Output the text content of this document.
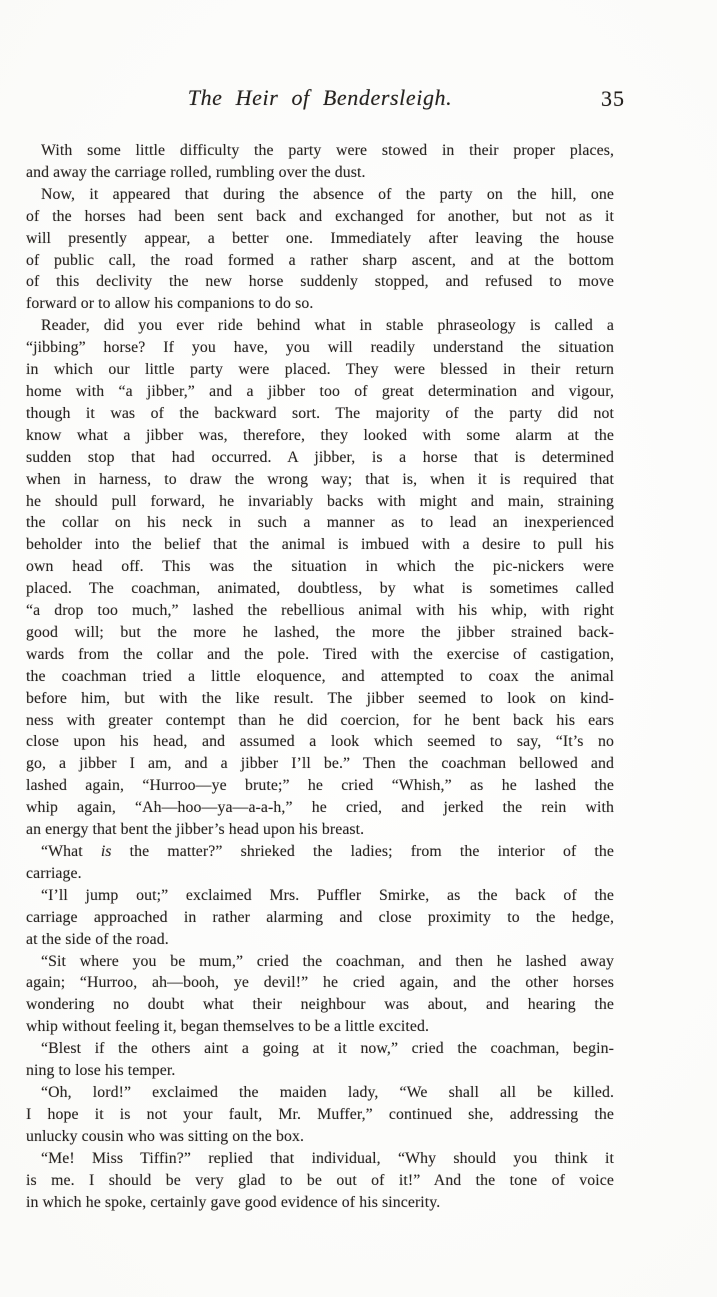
The Heir of Bendersleigh.	35
With some little difficulty the party were stowed in their proper places,
and away the carriage rolled, rumbling over the dust.
Now, it appeared that during the absence of the party on the hill, one
of the horses had been sent back and exchanged for another, but not as it
will presently appear, a better one. Immediately after leaving the house
of public call, the road formed a rather sharp ascent, and at the bottom
of this declivity the new horse suddenly stopped, and refused to move
forward or to allow his companions to do so.
Reader, did you ever ride behind what in stable phraseology is called a
“jibbing” horse? If you have, you will readily understand the situation
in which our little party were placed. They were blessed in their return
home with “a jibber,” and a jibber too of great determination and vigour,
though it was of the backward sort. The majority of the party did not
know what a jibber was, therefore, they looked with some alarm at the
sudden stop that had occurred. A jibber, is a horse that is determined
when in harness, to draw the wrong way; that is, when it is required that
he should pull forward, he invariably backs with might and main, straining
the collar on his neck in such a manner as to lead an inexperienced
beholder into the belief that the animal is imbued with a desire to pull his
own head off. This was the situation in which the pic-nickers were
placed. The coachman, animated, doubtless, by what is sometimes called
“a drop too much,” lashed the rebellious animal with his whip, with right
good will; but the more he lashed, the more the jibber strained back-
wards from the collar and the pole. Tired with the exercise of castigation,
the coachman tried a little eloquence, and attempted to coax the animal
before him, but with the like result. The jibber seemed to look on kind-
ness with greater contempt than he did coercion, for he bent back his ears
close upon his head, and assumed a look which seemed to say, “It’s no
go, a jibber I am, and a jibber I’ll be.” Then the coachman bellowed and
lashed again, “Hurroo—ye brute;” he cried “Whish,” as he lashed the
whip again, “Ah—hoo—ya—a-a-h,” he cried, and jerked the rein with
an energy that bent the jibber’s head upon his breast.
“What is the matter?” shrieked the ladies; from the interior of the
carriage.
“I’ll jump out;” exclaimed Mrs. Puffler Smirke, as the back of the
carriage approached in rather alarming and close proximity to the hedge,
at the side of the road.
“Sit where you be mum,” cried the coachman, and then he lashed away
again; “Hurroo, ah—booh, ye devil!” he cried again, and the other horses
wondering no doubt what their neighbour was about, and hearing the
whip without feeling it, began themselves to be a little excited.
“Blest if the others aint a going at it now,” cried the coachman, begin-
ning to lose his temper.
“Oh, lord!” exclaimed the maiden lady, “We shall all be killed.
I hope it is not your fault, Mr. Muffer,” continued she, addressing the
unlucky cousin who was sitting on the box.
“Me! Miss Tiffin?” replied that individual, “Why should you think it
is me. I should be very glad to be out of it!” And the tone of voice
in which he spoke, certainly gave good evidence of his sincerity.
